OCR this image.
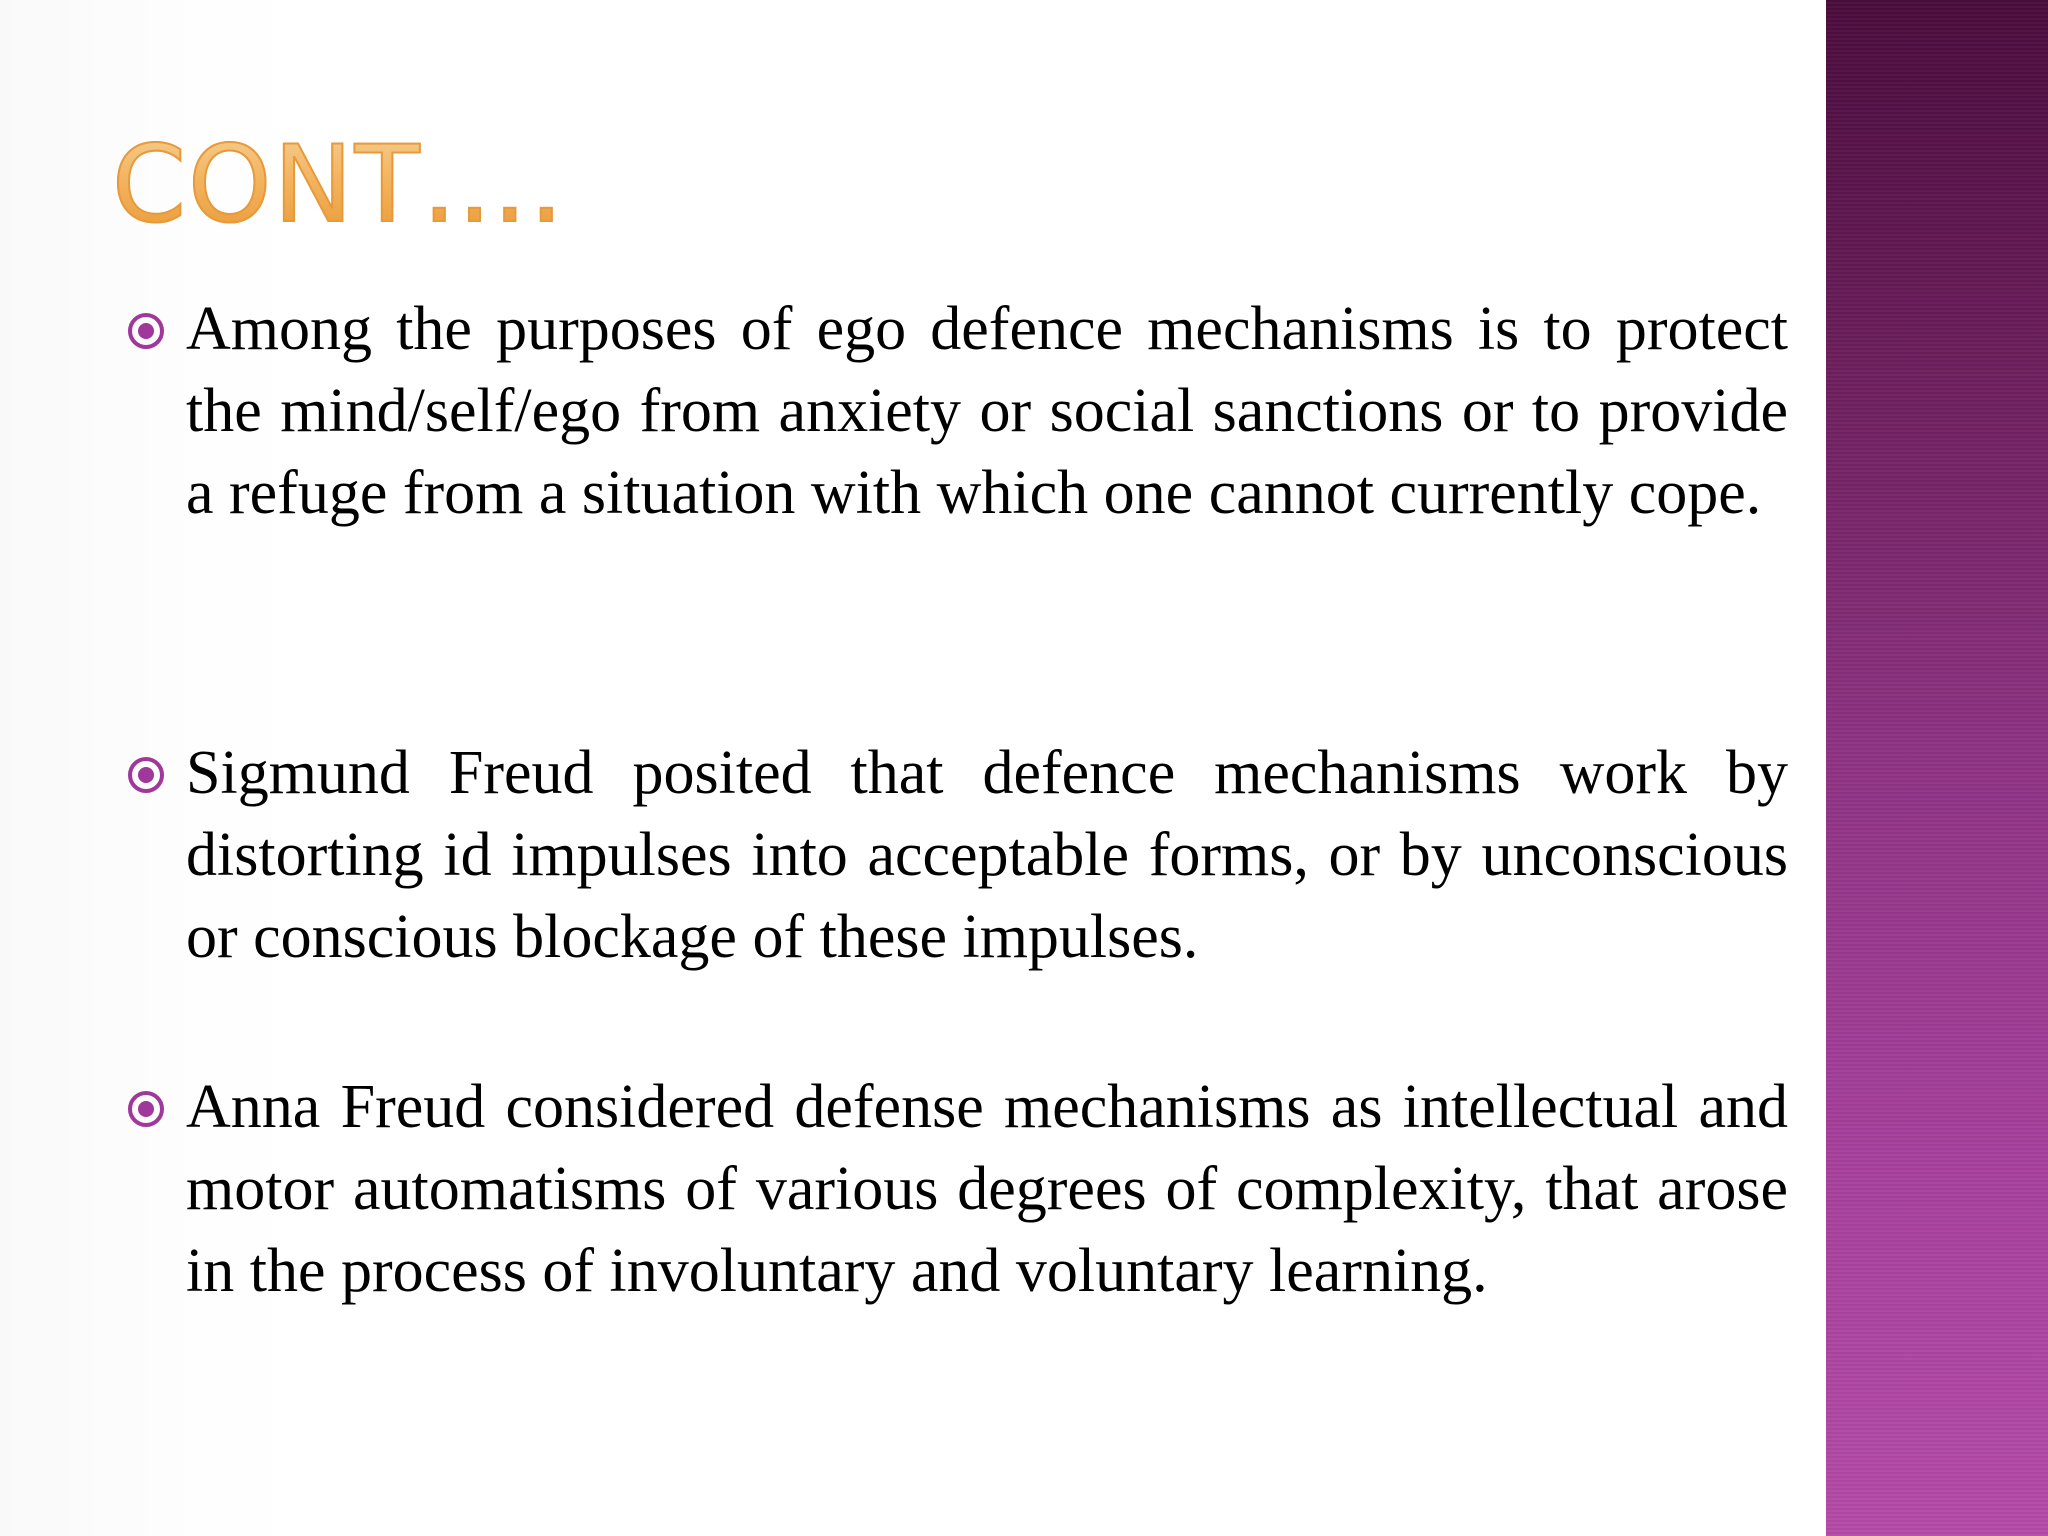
CONT….
Among the purposes of ego defence mechanisms is to protect the mind/self/ego from anxiety or social sanctions or to provide a refuge from a situation with which one cannot currently cope.
Sigmund Freud posited that defence mechanisms work by distorting id impulses into acceptable forms, or by unconscious or conscious blockage of these impulses.
Anna Freud considered defense mechanisms as intellectual and motor automatisms of various degrees of complexity, that arose in the process of involuntary and voluntary learning.
